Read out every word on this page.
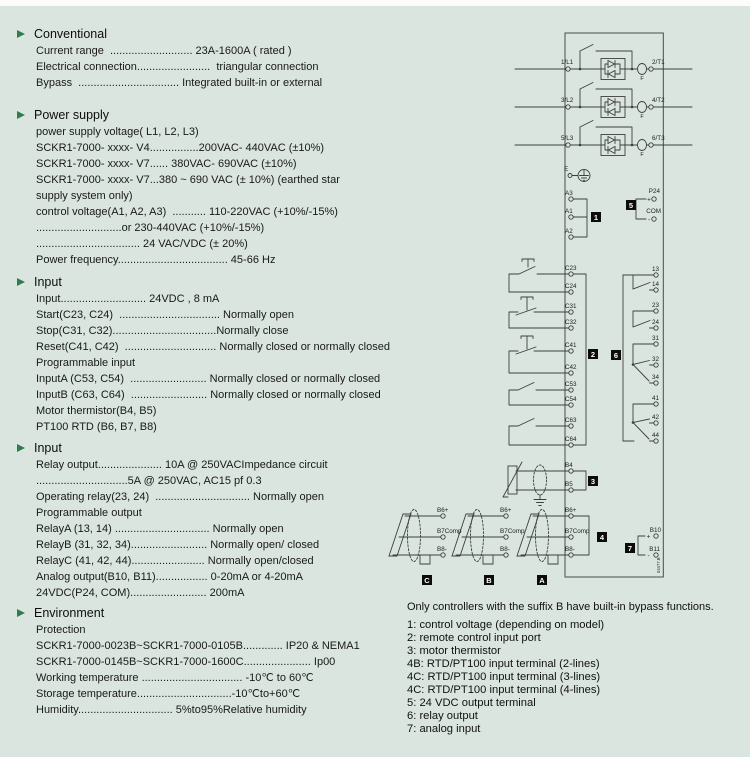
Conventional
Current range  ........................... 23A-1600A ( rated )
Electrical connection........................  triangular connection
Bypass  ................................. Integrated built-in or external
Power supply
power supply voltage( L1, L2, L3)
SCKR1-7000- xxxx- V4................200VAC- 440VAC (±10%)
SCKR1-7000- xxxx- V7...... 380VAC- 690VAC (±10%)
SCKR1-7000- xxxx- V7...380 ~ 690 VAC (± 10%) (earthed star
supply system only)
control voltage(A1, A2, A3)  ........... 110-220VAC (+10%/-15%)
............................or 230-440VAC (+10%/-15%)
.................................. 24 VAC/VDC (± 20%)
Power frequency.................................... 45-66 Hz
Input
Input............................ 24VDC , 8 mA
Start(C23, C24)  ................................. Normally open
Stop(C31, C32)..................................Normally close
Reset(C41, C42)  .............................. Normally closed or normally closed
Programmable input
InputA (C53, C54)  ......................... Normally closed or normally closed
InputB (C63, C64)  ......................... Normally closed or normally closed
Motor thermistor(B4, B5)
PT100 RTD (B6, B7, B8)
Input
Relay output..................... 10A @ 250VACImpedance circuit
..............................5A @ 250VAC, AC15 pf 0.3
Operating relay(23, 24)  ............................... Normally open
Programmable output
RelayA (13, 14) ............................... Normally open
RelayB (31, 32, 34)......................... Normally open/ closed
RelayC (41, 42, 44)........................ Normally open/closed
Analog output(B10, B11)................. 0-20mA or 4-20mA
24VDC(P24, COM)......................... 200mA
Environment
Protection
SCKR1-7000-0023B~SCKR1-7000-0105B............. IP20 & NEMA1
SCKR1-7000-0145B~SCKR1-7000-1600C...................... Ip00
Working temperature ................................. -10℃ to 60℃
Storage temperature...............................-10℃to+60℃
Humidity............................... 5%to95%Relative humidity
1/L1	2/T1
F
3/L2	4/T2
F
5/L3	6/T3
F
E
A3
A1
A2
1
P24
+
COM
-
5
C23
C24
C31
C32
C41
C42
C53
C54
C63
C64
2
13
14
23
24
31
32
34
41
42
44
6
B4
B5 3
B6+
B7Comp
B8-
4
B6+
B7Comp
B8-
B6+
B7Comp
B8-
C	B	A
B10
+
B11
-
7
04477.B
Only controllers with the suffix B have built-in bypass functions.
1: control voltage (depending on model)
2: remote control input port
3: motor thermistor
4B: RTD/PT100 input terminal (2-lines)
4C: RTD/PT100 input terminal (3-lines)
4C: RTD/PT100 input terminal (4-lines)
5: 24 VDC output terminal
6: relay output
7: analog input
